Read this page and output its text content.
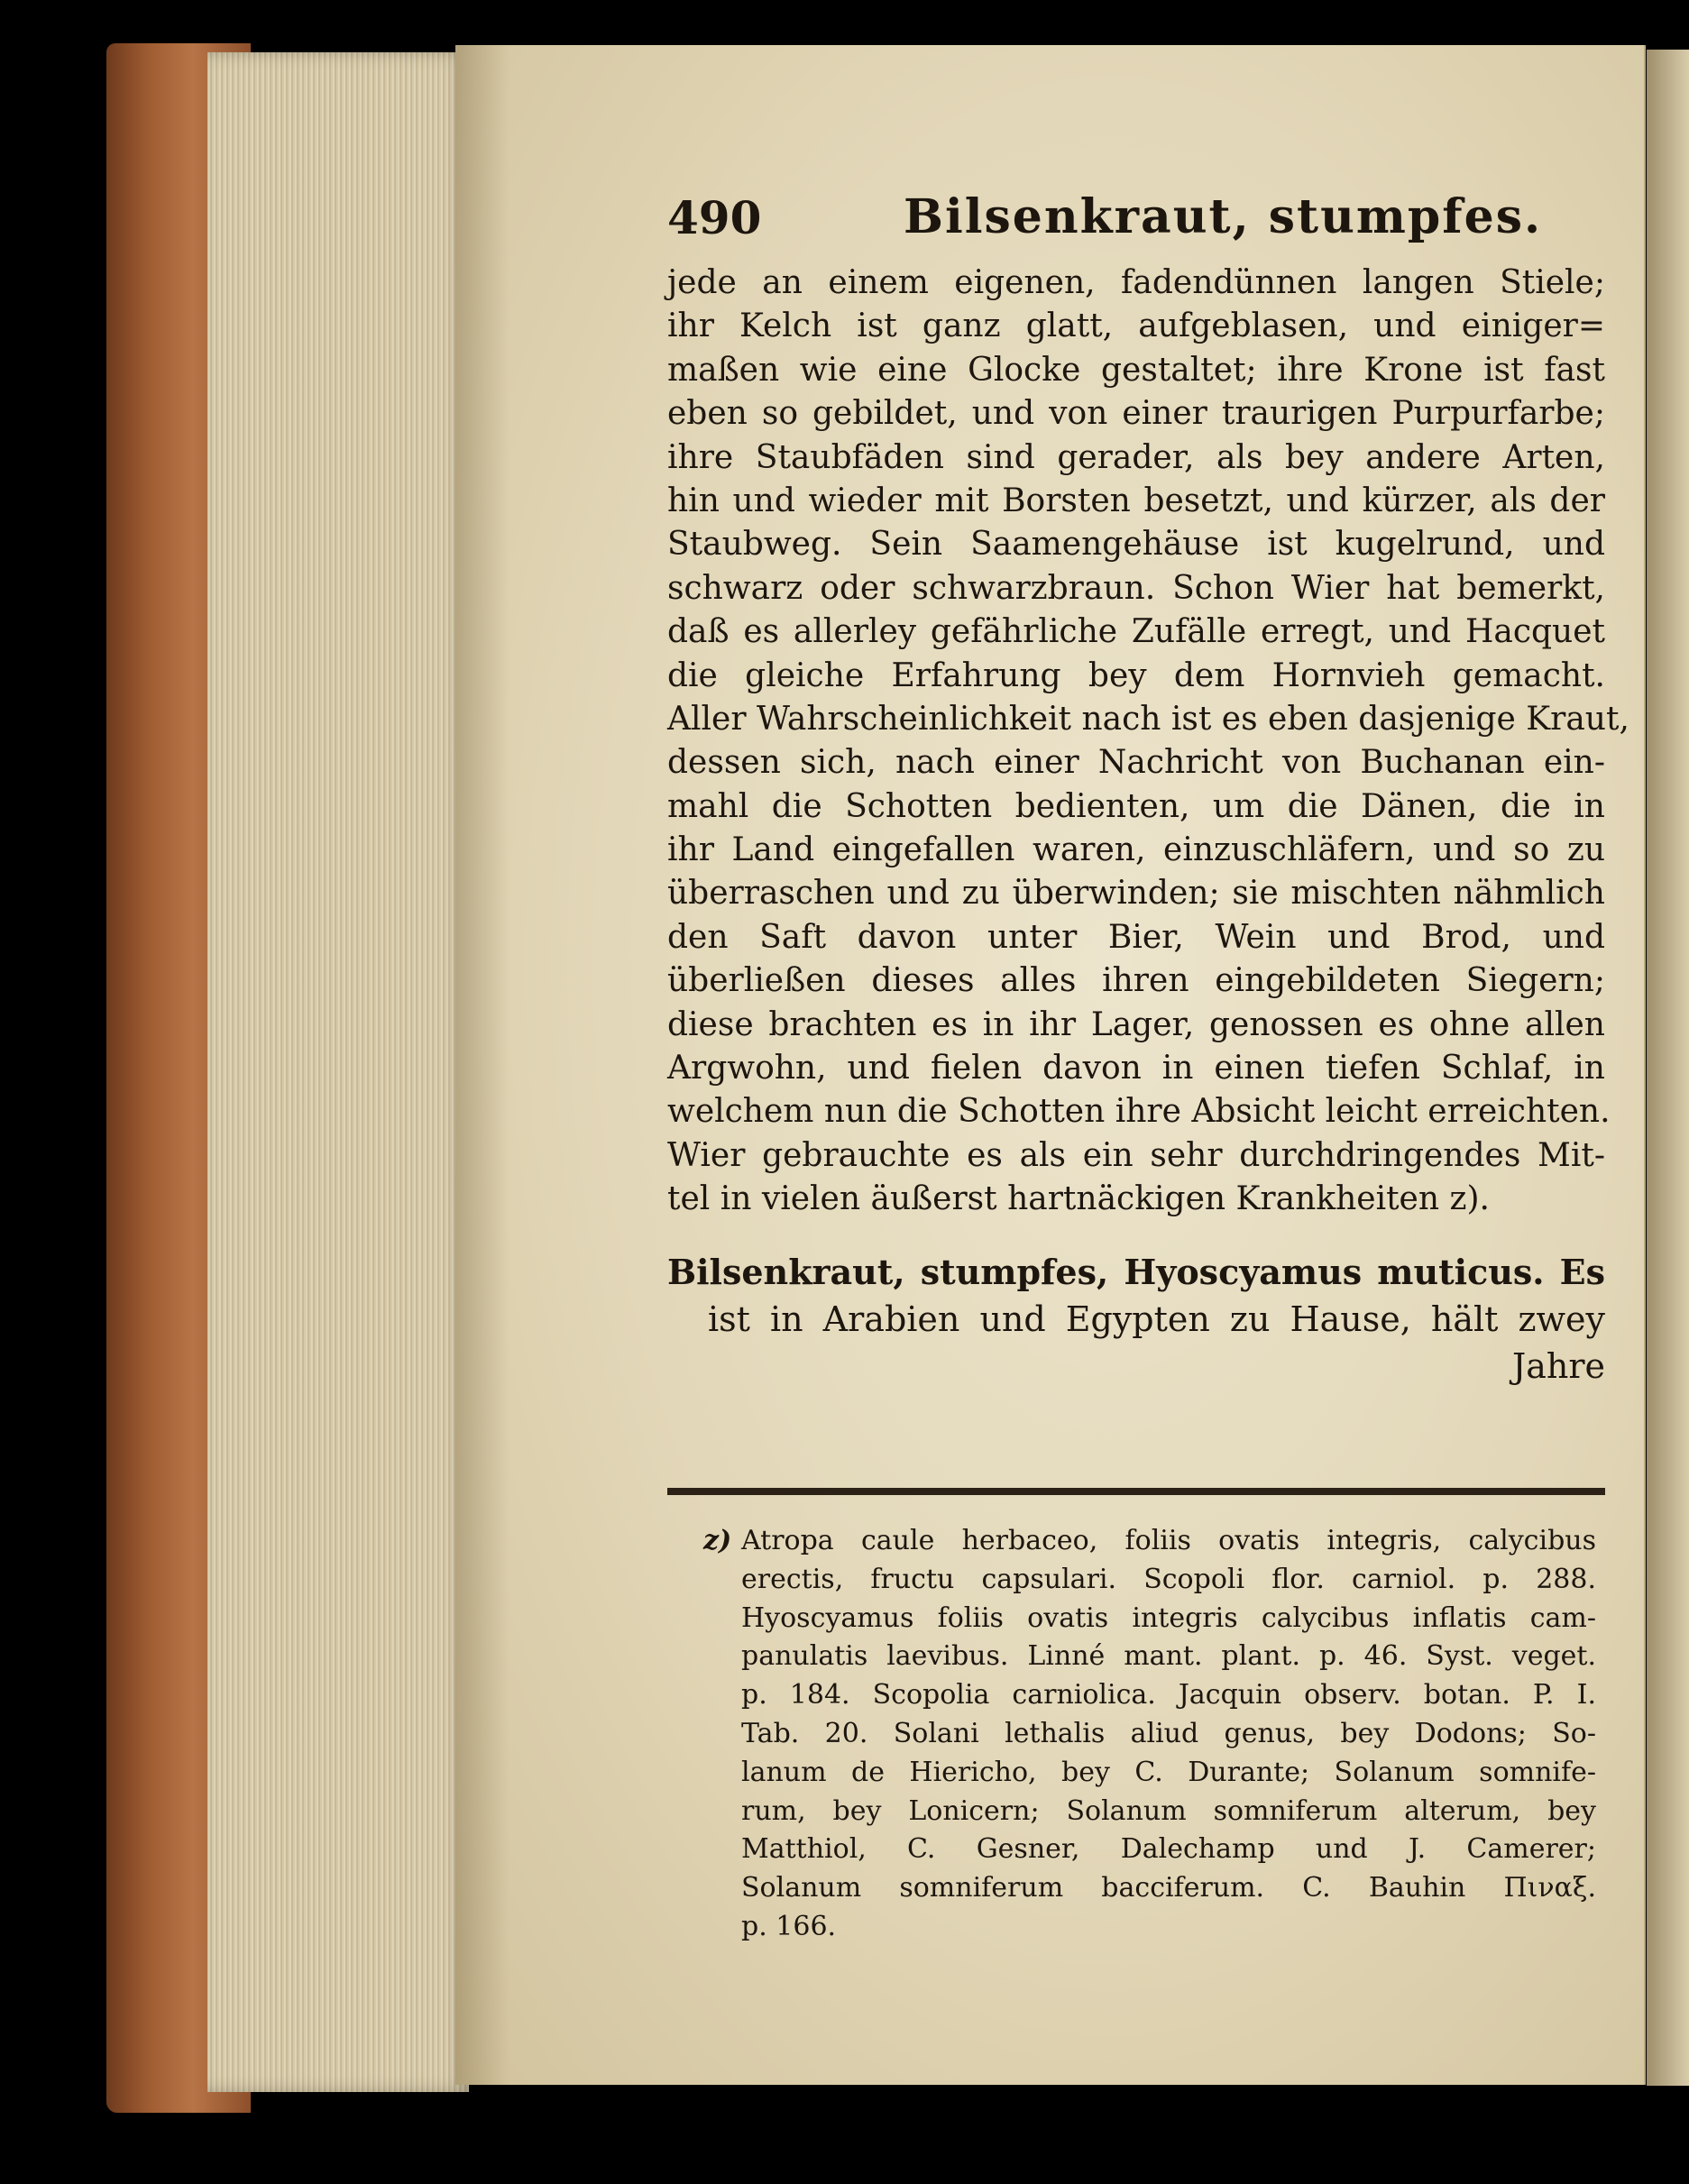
490	Bilsenkraut, stumpfes.
jede an einem eigenen, fadendünnen langen Stiele;
ihr Kelch ist ganz glatt, aufgeblasen, und einiger=
maßen wie eine Glocke gestaltet; ihre Krone ist fast
eben so gebildet, und von einer traurigen Purpurfarbe;
ihre Staubfäden sind gerader, als bey andere Arten,
hin und wieder mit Borsten besetzt, und kürzer, als der
Staubweg. Sein Saamengehäuse ist kugelrund, und
schwarz oder schwarzbraun. Schon Wier hat bemerkt,
daß es allerley gefährliche Zufälle erregt, und Hacquet
die gleiche Erfahrung bey dem Hornvieh gemacht.
Aller Wahrscheinlichkeit nach ist es eben dasjenige Kraut,
dessen sich, nach einer Nachricht von Buchanan ein-
mahl die Schotten bedienten, um die Dänen, die in
ihr Land eingefallen waren, einzuschläfern, und so zu
überraschen und zu überwinden; sie mischten nähmlich
den Saft davon unter Bier, Wein und Brod, und
überließen dieses alles ihren eingebildeten Siegern;
diese brachten es in ihr Lager, genossen es ohne allen
Argwohn, und fielen davon in einen tiefen Schlaf, in
welchem nun die Schotten ihre Absicht leicht erreichten.
Wier gebrauchte es als ein sehr durchdringendes Mit-
tel in vielen äußerst hartnäckigen Krankheiten z).
Bilsenkraut, stumpfes, Hyoscyamus muticus. Es
ist in Arabien und Egypten zu Hause, hält zwey
Jahre
z) Atropa caule herbaceo, foliis ovatis integris, calycibus
erectis, fructu capsulari. Scopoli flor. carniol. p. 288.
Hyoscyamus foliis ovatis integris calycibus inflatis cam-
panulatis laevibus. Linné mant. plant. p. 46. Syst. veget.
p. 184. Scopolia carniolica. Jacquin observ. botan. P. I.
Tab. 20. Solani lethalis aliud genus, bey Dodons; So-
lanum de Hiericho, bey C. Durante; Solanum somnife-
rum, bey Lonicern; Solanum somniferum alterum, bey
Matthiol, C. Gesner, Dalechamp und J. Camerer;
Solanum somniferum bacciferum. C. Bauhin Πιναξ.
p. 166.
